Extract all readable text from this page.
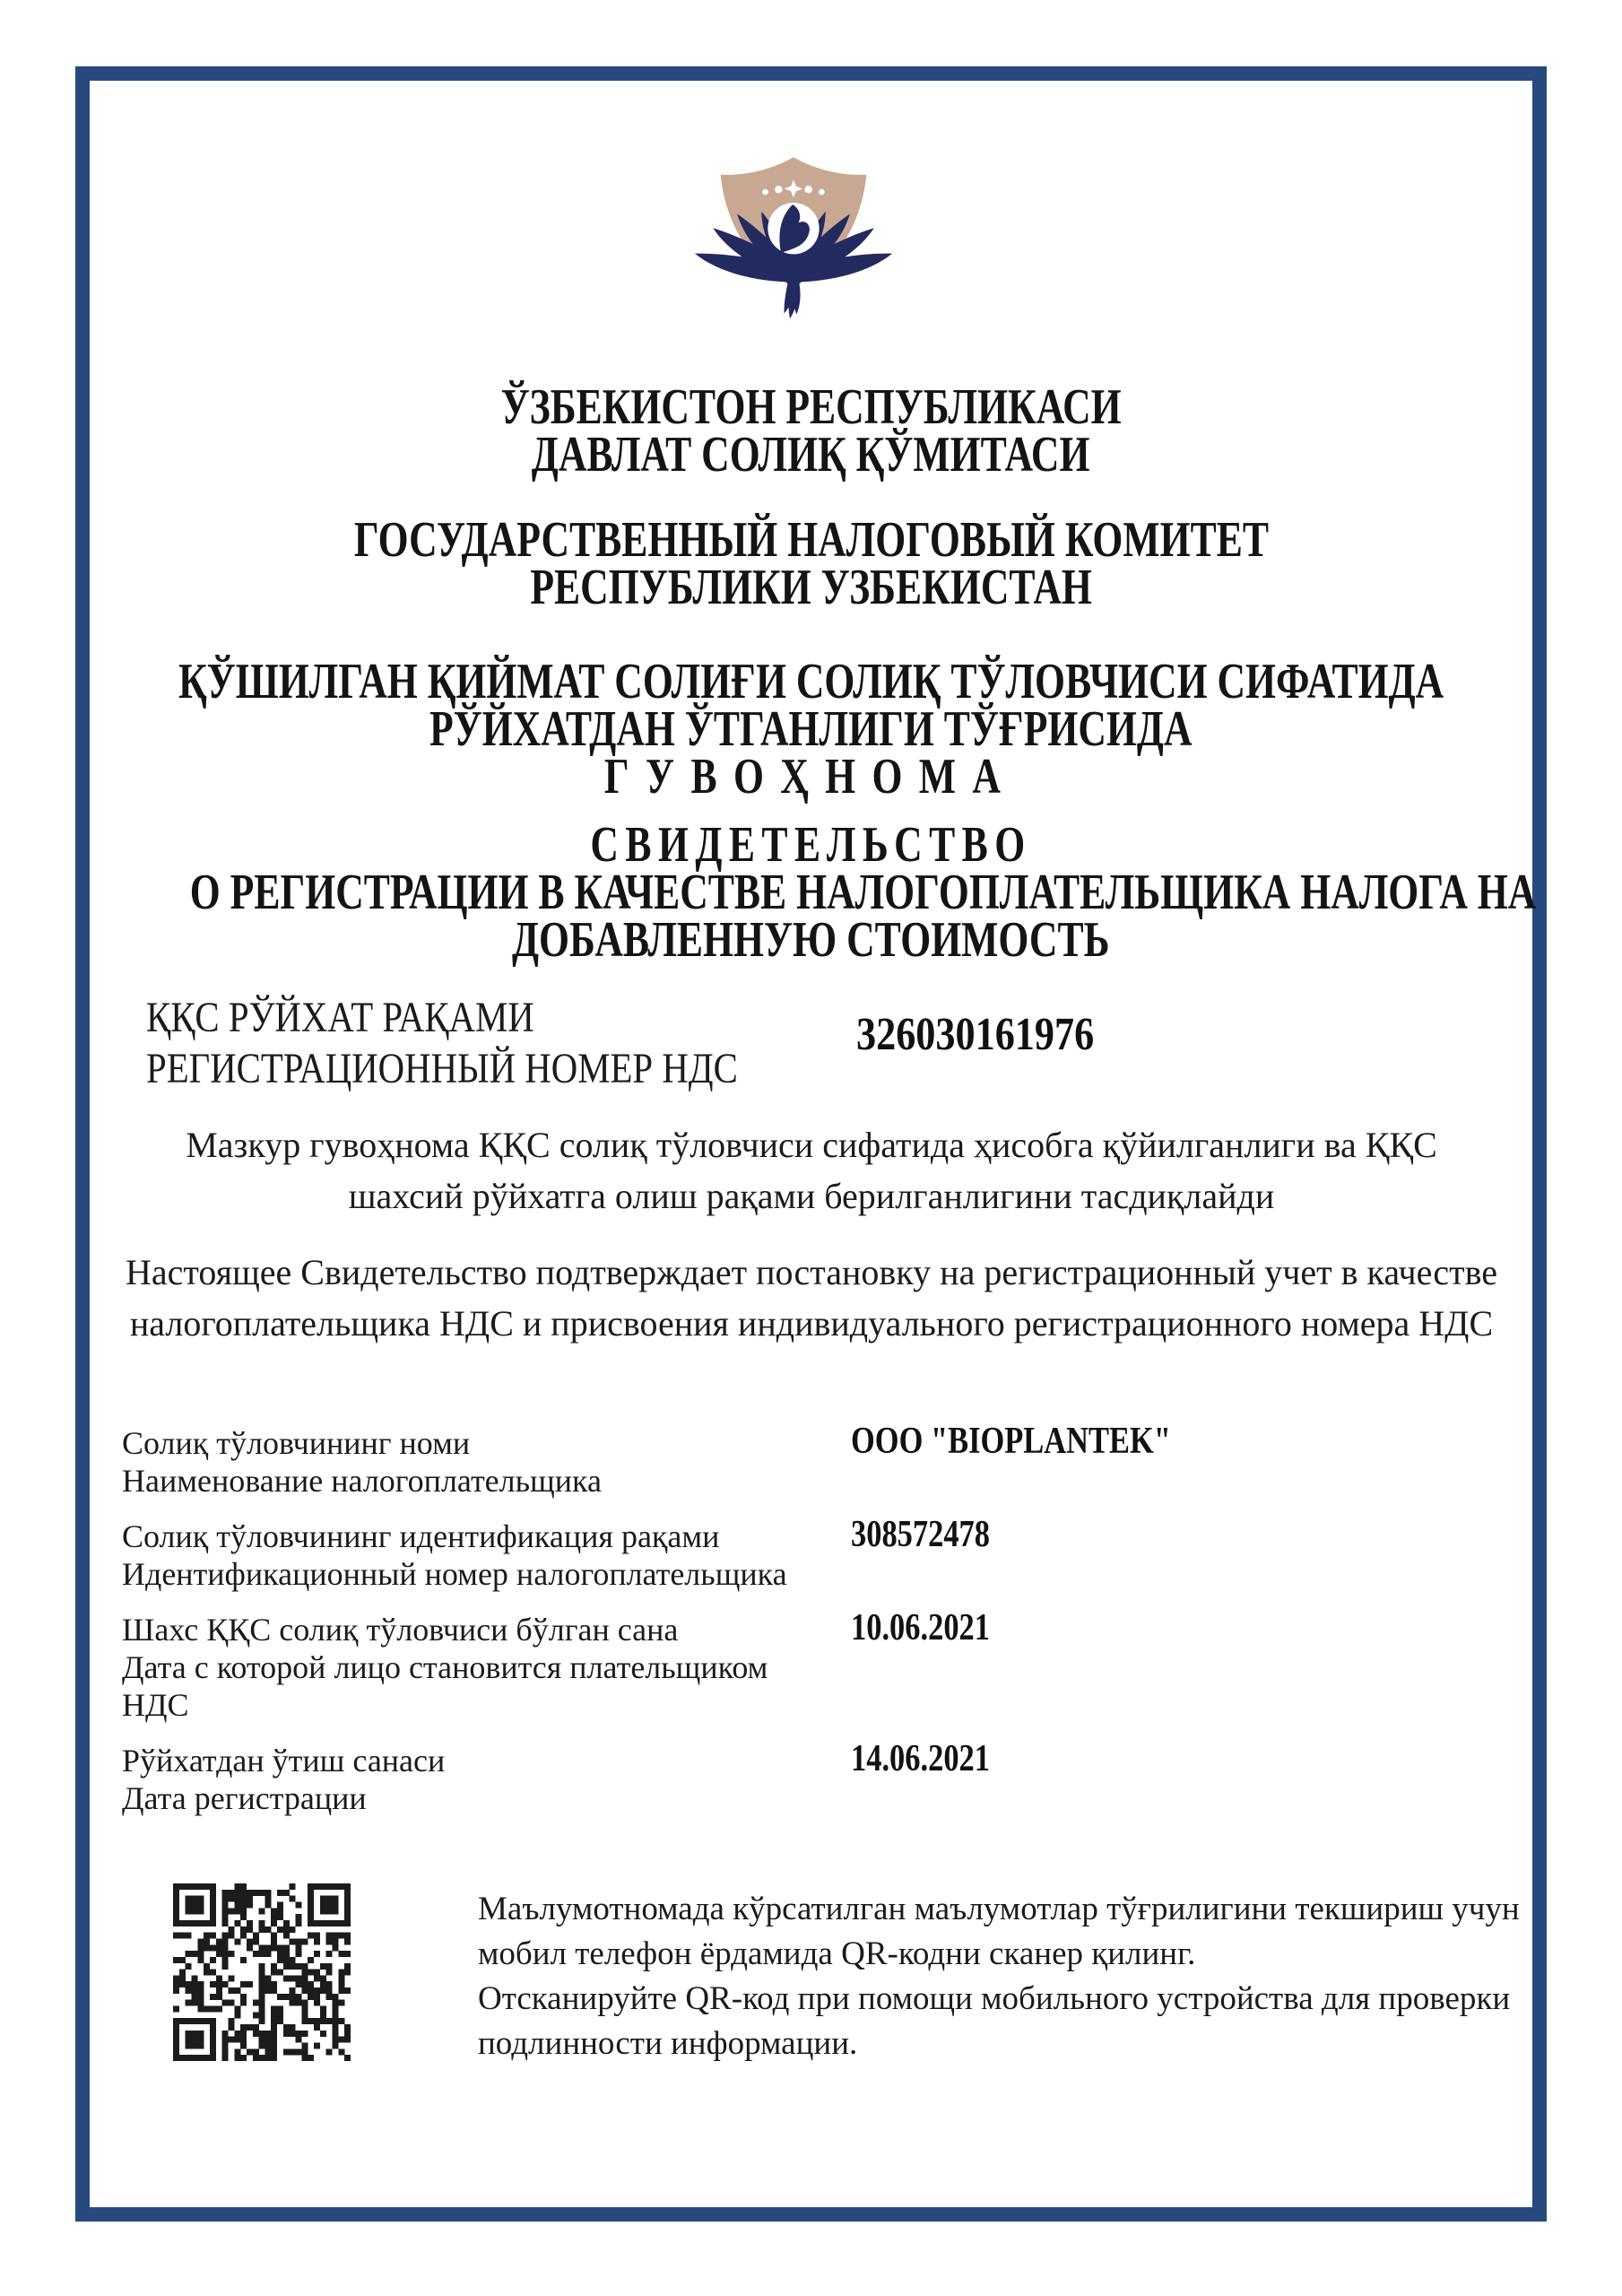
ЎЗБЕКИСТОН РЕСПУБЛИКАСИ
ДАВЛАТ СОЛИҚ ҚЎМИТАСИ
ГОСУДАРСТВЕННЫЙ НАЛОГОВЫЙ КОМИТЕТ
РЕСПУБЛИКИ УЗБЕКИСТАН
ҚЎШИЛГАН ҚИЙМАТ СОЛИҒИ СОЛИҚ ТЎЛОВЧИСИ СИФАТИДА
РЎЙХАТДАН ЎТГАНЛИГИ ТЎҒРИСИДА
ГУВОҲНОМА
СВИДЕТЕЛЬСТВО
О РЕГИСТРАЦИИ В КАЧЕСТВЕ НАЛОГОПЛАТЕЛЬЩИКА НАЛОГА НА
ДОБАВЛЕННУЮ СТОИМОСТЬ
ҚҚС РЎЙХАТ РАҚАМИ
РЕГИСТРАЦИОННЫЙ НОМЕР НДС
326030161976
Мазкур гувоҳнома ҚҚС солиқ тўловчиси сифатида ҳисобга қўйилганлиги ва ҚҚС шахсий рўйхатга олиш рақами берилганлигини тасдиқлайди
Настоящее Свидетельство подтверждает постановку на регистрационный учет в качестве налогоплательщика НДС и присвоения индивидуального регистрационного номера НДС
Солиқ тўловчининг номи
Наименование налогоплательщика
OOO "BIOPLANTEK"
Солиқ тўловчининг идентификация рақами
Идентификационный номер налогоплательщика
308572478
Шахс ҚҚС солиқ тўловчиси бўлган сана
Дата с которой лицо становится плательщиком НДС
10.06.2021
Рўйхатдан ўтиш санаси
Дата регистрации
14.06.2021
Маълумотномада кўрсатилган маълумотлар тўғрилигини текшириш учун мобил телефон ёрдамида QR-кодни сканер қилинг.
Отсканируйте QR-код при помощи мобильного устройства для проверки подлинности информации.
